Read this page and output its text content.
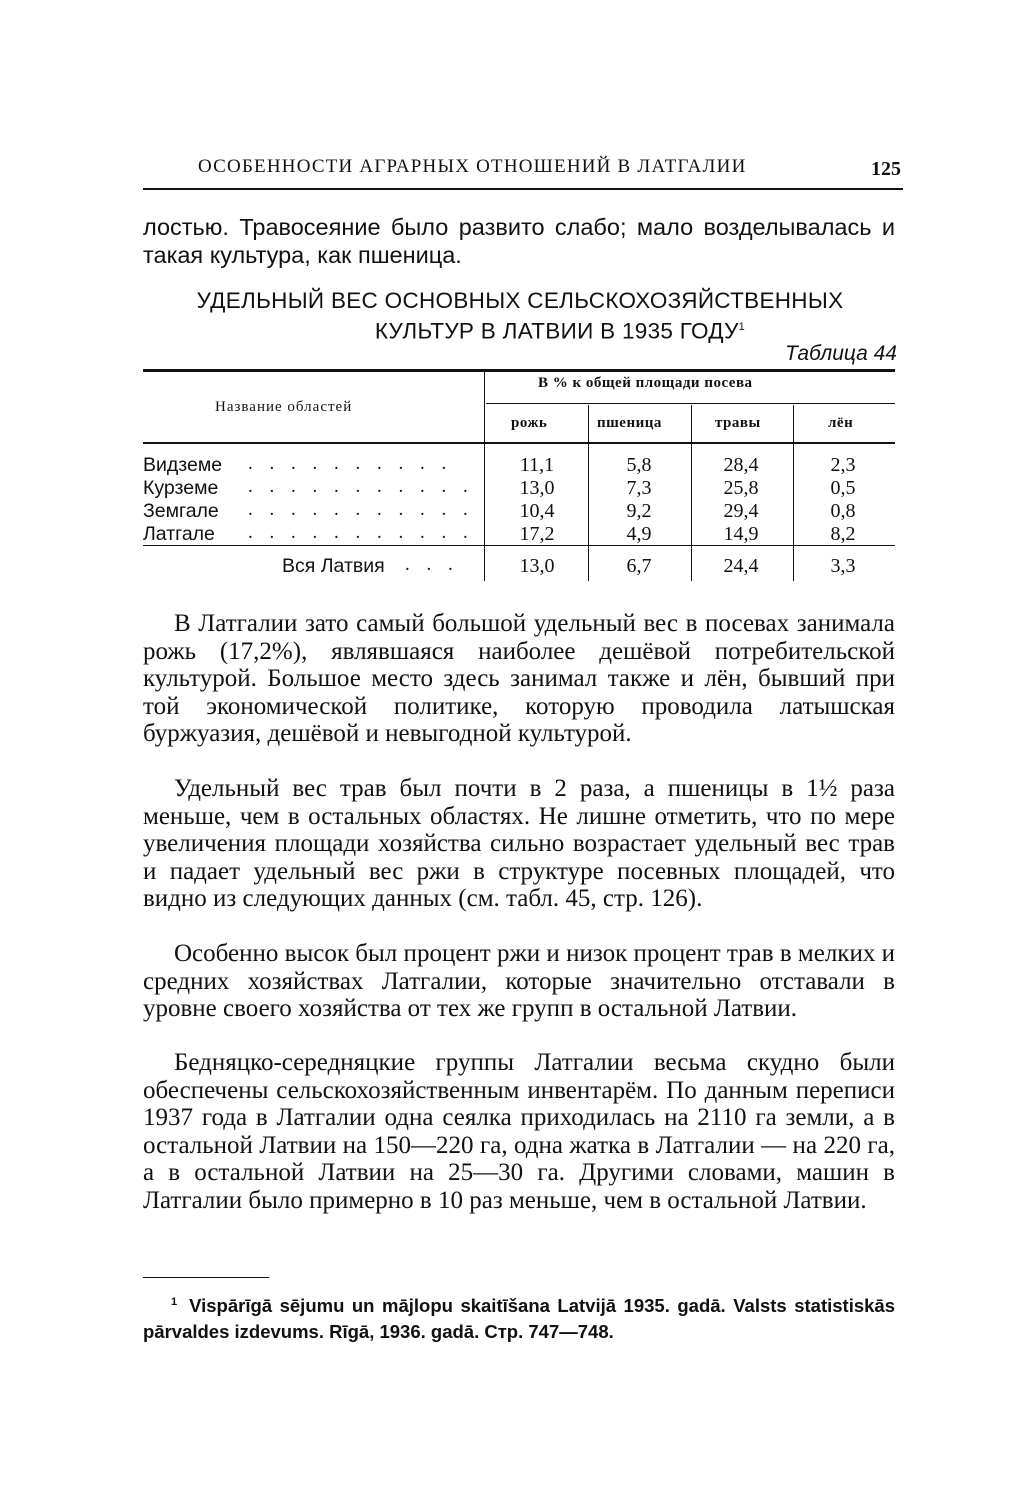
ОСОБЕННОСТИ АГРАРНЫХ ОТНОШЕНИЙ В ЛАТГАЛИИ	125

лостью. Травосеяние было развито слабо; мало возделывалась и такая культура, как пшеница.

УДЕЛЬНЫЙ ВЕС ОСНОВНЫХ СЕЛЬСКОХОЗЯЙСТВЕННЫХ
КУЛЬТУР В ЛАТВИИ В 1935 ГОДУ$^1$
Таблица 44
Название областей
В % к общей площади посева
рожь	пшеница	травы	лён
Видземе . . . . . . . . . .	11,1	5,8	28,4	2,3
Курземе . . . . . . . . . . .	13,0	7,3	25,8	0,5
Земгале . . . . . . . . . . .	10,4	9,2	29,4	0,8
Латгале . . . . . . . . . . .	17,2	4,9	14,9	8,2
Вся Латвия . . .	13,0	6,7	24,4	3,3

В Латгалии зато самый большой удельный вес в посевах занимала рожь (17,2%), являвшаяся наиболее дешёвой потребительской культурой. Большое место здесь занимал также и лён, бывший при той экономической политике, которую проводила латышская буржуазия, дешёвой и невыгодной культурой.

Удельный вес трав был почти в 2 раза, а пшеницы в 1½ раза меньше, чем в остальных областях. Не лишне отметить, что по мере увеличения площади хозяйства сильно возрастает удельный вес трав и падает удельный вес ржи в структуре посевных площадей, что видно из следующих данных (см. табл. 45, стр. 126).

Особенно высок был процент ржи и низок процент трав в мелких и средних хозяйствах Латгалии, которые значительно отставали в уровне своего хозяйства от тех же групп в остальной Латвии.

Бедняцко-середняцкие группы Латгалии весьма скудно были обеспечены сельскохозяйственным инвентарём. По данным переписи 1937 года в Латгалии одна сеялка приходилась на 2110 га земли, а в остальной Латвии на 150—220 га, одна жатка в Латгалии — на 220 га, а в остальной Латвии на 25—30 га. Другими словами, машин в Латгалии было примерно в 10 раз меньше, чем в остальной Латвии.

$^1$ Vispārīgā sējumu un mājlopu skaitīšana Latvijā 1935. gadā. Valsts statistiskās pārvaldes izdevums. Rīgā, 1936. gadā. Стр. 747—748.
